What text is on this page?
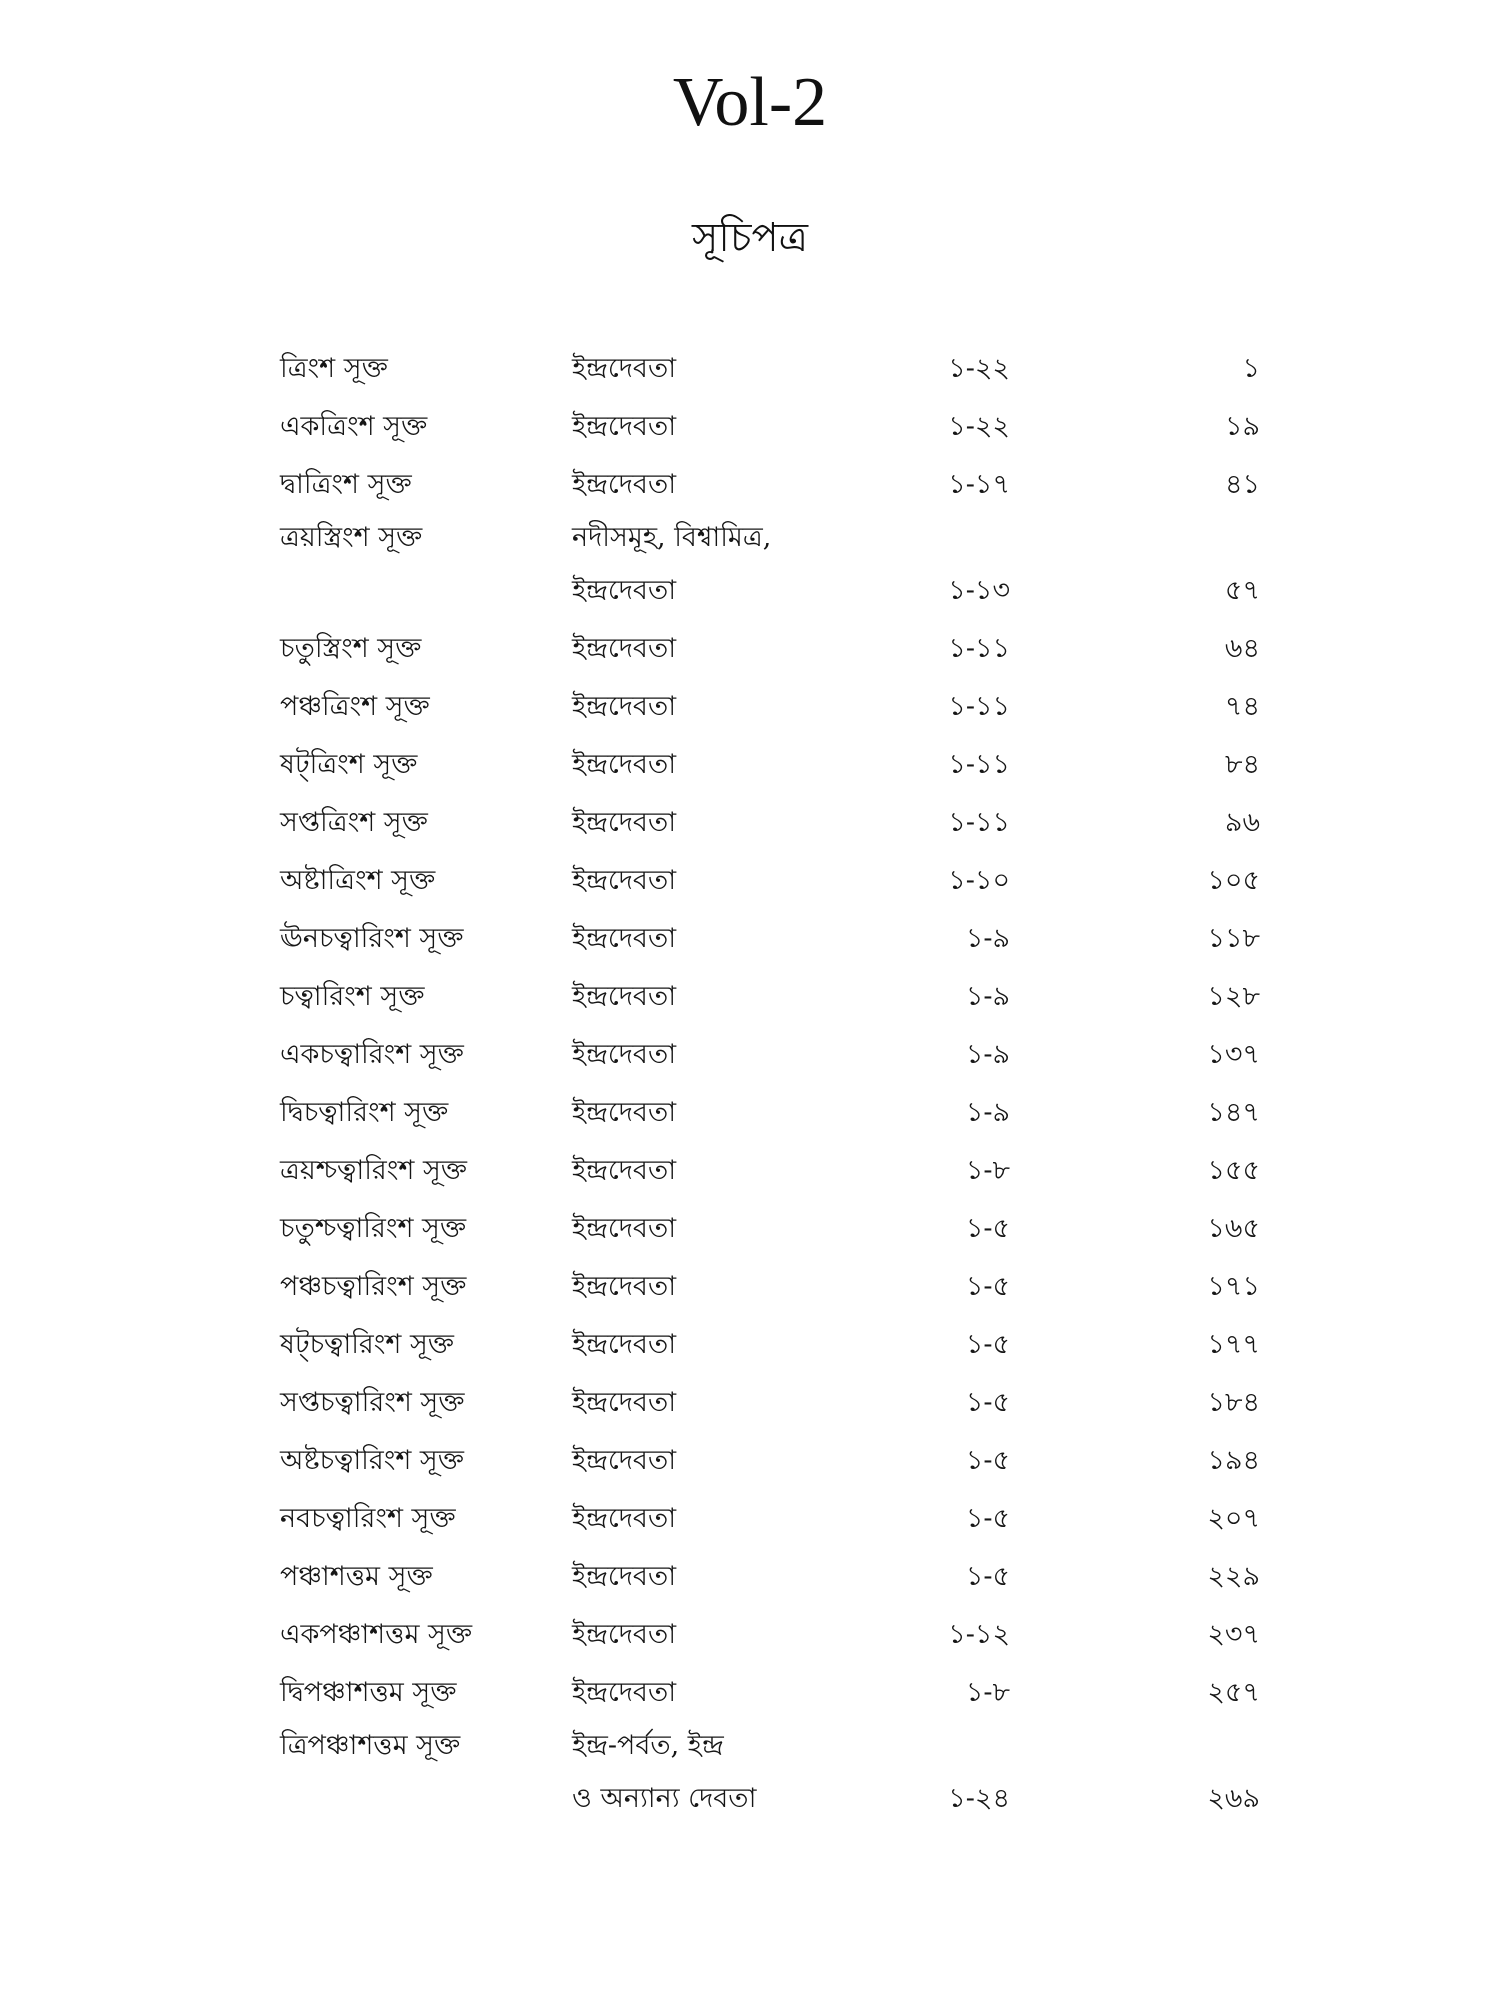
Vol-2
সূচিপত্র
ত্রিংশ সূক্ত	ইন্দ্রদেবতা	১-২২	১
একত্রিংশ সূক্ত	ইন্দ্রদেবতা	১-২২	১৯
দ্বাত্রিংশ সূক্ত	ইন্দ্রদেবতা	১-১৭	৪১
ত্রয়স্ত্রিংশ সূক্ত	নদীসমূহ, বিশ্বামিত্র,
ইন্দ্রদেবতা	১-১৩	৫৭
চতুস্ত্রিংশ সূক্ত	ইন্দ্রদেবতা	১-১১	৬৪
পঞ্চত্রিংশ সূক্ত	ইন্দ্রদেবতা	১-১১	৭৪
ষট্‌ত্রিংশ সূক্ত	ইন্দ্রদেবতা	১-১১	৮৪
সপ্তত্রিংশ সূক্ত	ইন্দ্রদেবতা	১-১১	৯৬
অষ্টাত্রিংশ সূক্ত	ইন্দ্রদেবতা	১-১০	১০৫
ঊনচত্বারিংশ সূক্ত	ইন্দ্রদেবতা	১-৯	১১৮
চত্বারিংশ সূক্ত	ইন্দ্রদেবতা	১-৯	১২৮
একচত্বারিংশ সূক্ত	ইন্দ্রদেবতা	১-৯	১৩৭
দ্বিচত্বারিংশ সূক্ত	ইন্দ্রদেবতা	১-৯	১৪৭
ত্রয়শ্চত্বারিংশ সূক্ত	ইন্দ্রদেবতা	১-৮	১৫৫
চতুশ্চত্বারিংশ সূক্ত	ইন্দ্রদেবতা	১-৫	১৬৫
পঞ্চচত্বারিংশ সূক্ত	ইন্দ্রদেবতা	১-৫	১৭১
ষট্‌চত্বারিংশ সূক্ত	ইন্দ্রদেবতা	১-৫	১৭৭
সপ্তচত্বারিংশ সূক্ত	ইন্দ্রদেবতা	১-৫	১৮৪
অষ্টচত্বারিংশ সূক্ত	ইন্দ্রদেবতা	১-৫	১৯৪
নবচত্বারিংশ সূক্ত	ইন্দ্রদেবতা	১-৫	২০৭
পঞ্চাশত্তম সূক্ত	ইন্দ্রদেবতা	১-৫	২২৯
একপঞ্চাশত্তম সূক্ত	ইন্দ্রদেবতা	১-১২	২৩৭
দ্বিপঞ্চাশত্তম সূক্ত	ইন্দ্রদেবতা	১-৮	২৫৭
ত্রিপঞ্চাশত্তম সূক্ত	ইন্দ্র-পর্বত, ইন্দ্র
ও অন্যান্য দেবতা	১-২৪	২৬৯
